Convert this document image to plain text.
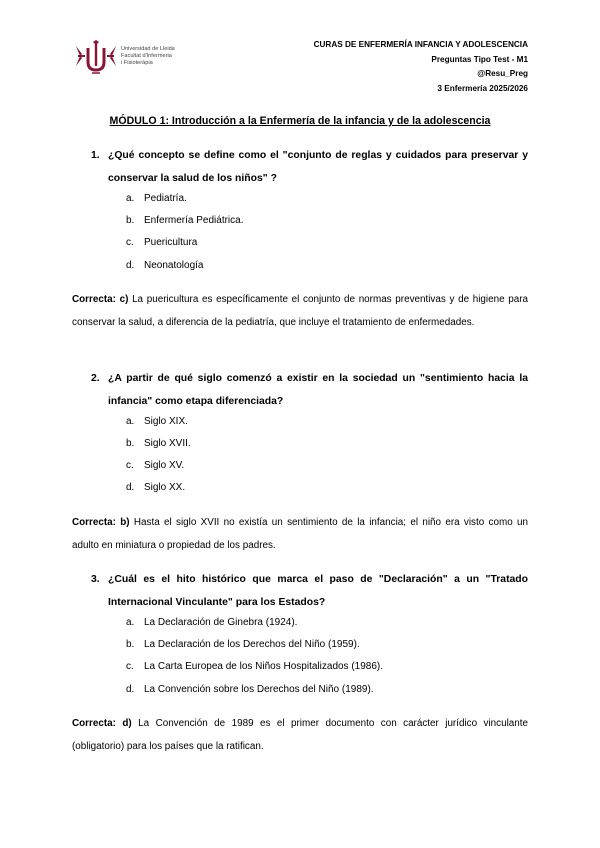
Universidad de Lleida
Facultat d'Infermeria
i Fisioteràpia
CURAS DE ENFERMERÍA INFANCIA Y ADOLESCENCIA
Preguntas Tipo Test - M1
@Resu_Preg
3 Enfermería 2025/2026
MÓDULO 1: Introducción a la Enfermería de la infancia y de la adolescencia
1. ¿Qué concepto se define como el "conjunto de reglas y cuidados para preservar y conservar la salud de los niños" ?
a. Pediatría.
b. Enfermería Pediátrica.
c. Puericultura
d. Neonatología
Correcta: c) La puericultura es específicamente el conjunto de normas preventivas y de higiene para conservar la salud, a diferencia de la pediatría, que incluye el tratamiento de enfermedades.
2. ¿A partir de qué siglo comenzó a existir en la sociedad un "sentimiento hacia la infancia" como etapa diferenciada?
a. Siglo XIX.
b. Siglo XVII.
c. Siglo XV.
d. Siglo XX.
Correcta: b) Hasta el siglo XVII no existía un sentimiento de la infancia; el niño era visto como un adulto en miniatura o propiedad de los padres.
3. ¿Cuál es el hito histórico que marca el paso de "Declaración" a un "Tratado Internacional Vinculante" para los Estados?
a. La Declaración de Ginebra (1924).
b. La Declaración de los Derechos del Niño (1959).
c. La Carta Europea de los Niños Hospitalizados (1986).
d. La Convención sobre los Derechos del Niño (1989).
Correcta: d) La Convención de 1989 es el primer documento con carácter jurídico vinculante (obligatorio) para los países que la ratifican.
